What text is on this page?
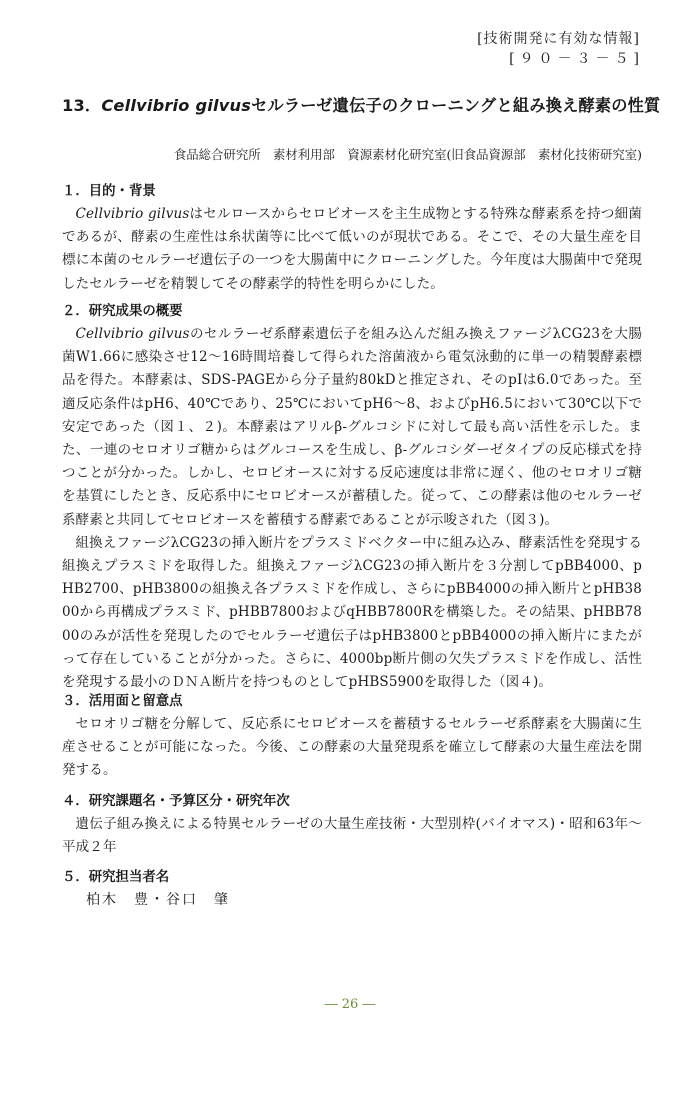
[技術開発に有効な情報]
[９０－３－５]
13．Cellvibrio gilvusセルラーゼ遺伝子のクローニングと組み換え酵素の性質
食品総合研究所　素材利用部　資源素材化研究室(旧食品資源部　素材化技術研究室)
１．目的・背景

Cellvibrio gilvusはセルロースからセロビオースを主生成物とする特殊な酵素系を持つ細菌であるが、酵素の生産性は糸状菌等に比べて低いのが現状である。そこで、その大量生産を目標に本菌のセルラーゼ遺伝子の一つを大腸菌中にクローニングした。今年度は大腸菌中で発現したセルラーゼを精製してその酵素学的特性を明らかにした。

２．研究成果の概要

Cellvibrio gilvusのセルラーゼ系酵素遺伝子を組み込んだ組み換えファージλCG23を大腸菌W1.66に感染させ12～16時間培養して得られた溶菌液から電気泳動的に単一の精製酵素標品を得た。本酵素は、SDS-PAGEから分子量約80kDと推定され、そのpIは6.0であった。至適反応条件はpH6、40℃であり、25℃においてpH6～8、およびpH6.5において30℃以下で安定であった（図１、２)。本酵素はアリルβ-グルコシドに対して最も高い活性を示した。また、一連のセロオリゴ糖からはグルコースを生成し、β-グルコシダーゼタイプの反応様式を持つことが分かった。しかし、セロビオースに対する反応速度は非常に遅く、他のセロオリゴ糖を基質にしたとき、反応系中にセロビオースが蓄積した。従って、この酵素は他のセルラーゼ系酵素と共同してセロビオースを蓄積する酵素であることが示唆された（図３)。

組換えファージλCG23の挿入断片をプラスミドベクター中に組み込み、酵素活性を発現する組換えプラスミドを取得した。組換えファージλCG23の挿入断片を３分割してpBB4000、pHB2700、pHB3800の組換え各プラスミドを作成し、さらにpBB4000の挿入断片とpHB3800から再構成プラスミド、pHBB7800およびqHBB7800Rを構築した。その結果、pHBB7800のみが活性を発現したのでセルラーゼ遺伝子はpHB3800とpBB4000の挿入断片にまたがって存在していることが分かった。さらに、4000bp断片側の欠失プラスミドを作成し、活性を発現する最小のＤＮＡ断片を持つものとしてpHBS5900を取得した（図４)。

３．活用面と留意点

セロオリゴ糖を分解して、反応系にセロビオースを蓄積するセルラーゼ系酵素を大腸菌に生産させることが可能になった。今後、この酵素の大量発現系を確立して酵素の大量生産法を開発する。

４．研究課題名・予算区分・研究年次

遺伝子組み換えによる特異セルラーゼの大量生産技術・大型別枠(バイオマス)・昭和63年～平成２年

５．研究担当者名

柏木　豊・谷口　肇

― 26 ―
